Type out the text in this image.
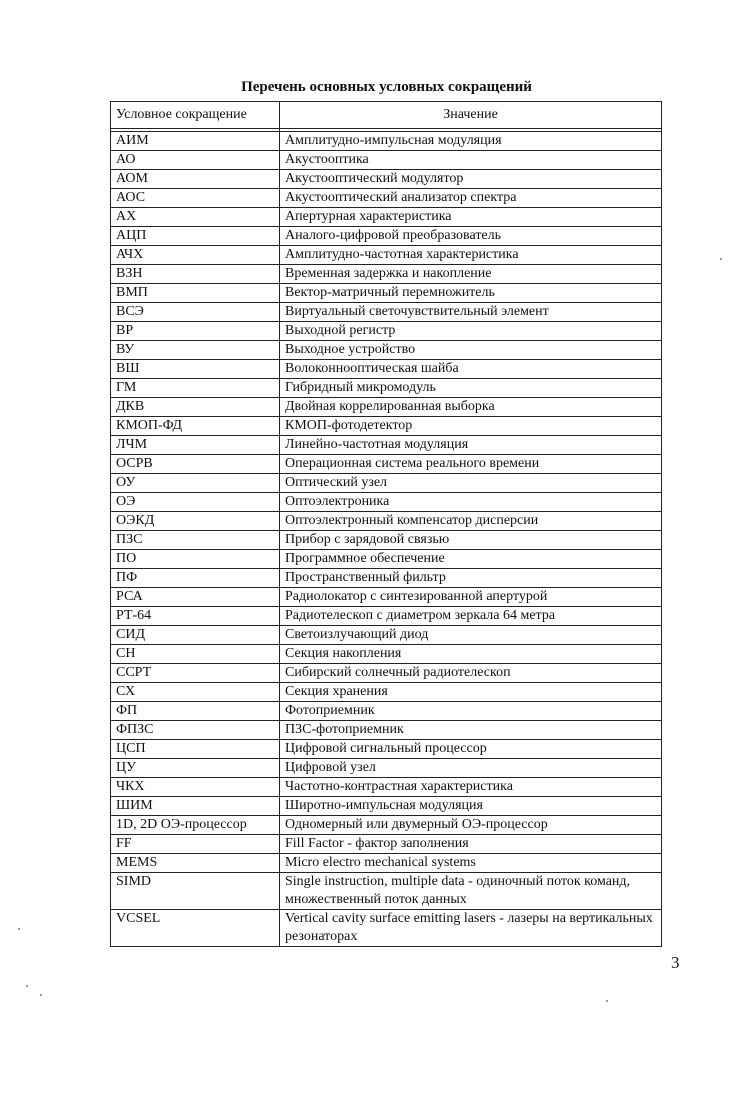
Перечень основных условных сокращений
Условное сокращение	Значение

АИМ	Амплитудно-импульсная модуляция
АО	Акустооптика
АОМ	Акустооптический модулятор
АОС	Акустооптический анализатор спектра
АХ	Апертурная характеристика
АЦП	Аналого-цифровой преобразователь
АЧХ	Амплитудно-частотная характеристика
ВЗН	Временная задержка и накопление
ВМП	Вектор-матричный перемножитель
ВСЭ	Виртуальный светочувствительный элемент
ВР	Выходной регистр
ВУ	Выходное устройство
ВШ	Волоконнооптическая шайба
ГМ	Гибридный микромодуль
ДКВ	Двойная коррелированная выборка
КМОП-ФД	КМОП-фотодетектор
ЛЧМ	Линейно-частотная модуляция
ОСРВ	Операционная система реального времени
ОУ	Оптический узел
ОЭ	Оптоэлектроника
ОЭКД	Оптоэлектронный компенсатор дисперсии
ПЗС	Прибор с зарядовой связью
ПО	Программное обеспечение
ПФ	Пространственный фильтр
РСА	Радиолокатор с синтезированной апертурой
РТ-64	Радиотелескоп с диаметром зеркала 64 метра
СИД	Светоизлучающий диод
СН	Секция накопления
ССРТ	Сибирский солнечный радиотелескоп
СХ	Секция хранения
ФП	Фотоприемник
ФПЗС	ПЗС-фотоприемник
ЦСП	Цифровой сигнальный процессор
ЦУ	Цифровой узел
ЧКХ	Частотно-контрастная характеристика
ШИМ	Широтно-импульсная модуляция
1D, 2D ОЭ-процессор	Одномерный или двумерный ОЭ-процессор
FF	Fill Factor - фактор заполнения
MEMS	Micro electro mechanical systems
SIMD	Single instruction, multiple data - одиночный поток команд, множественный поток данных
VCSEL	Vertical cavity surface emitting lasers - лазеры на вертикальных резонаторах
3
